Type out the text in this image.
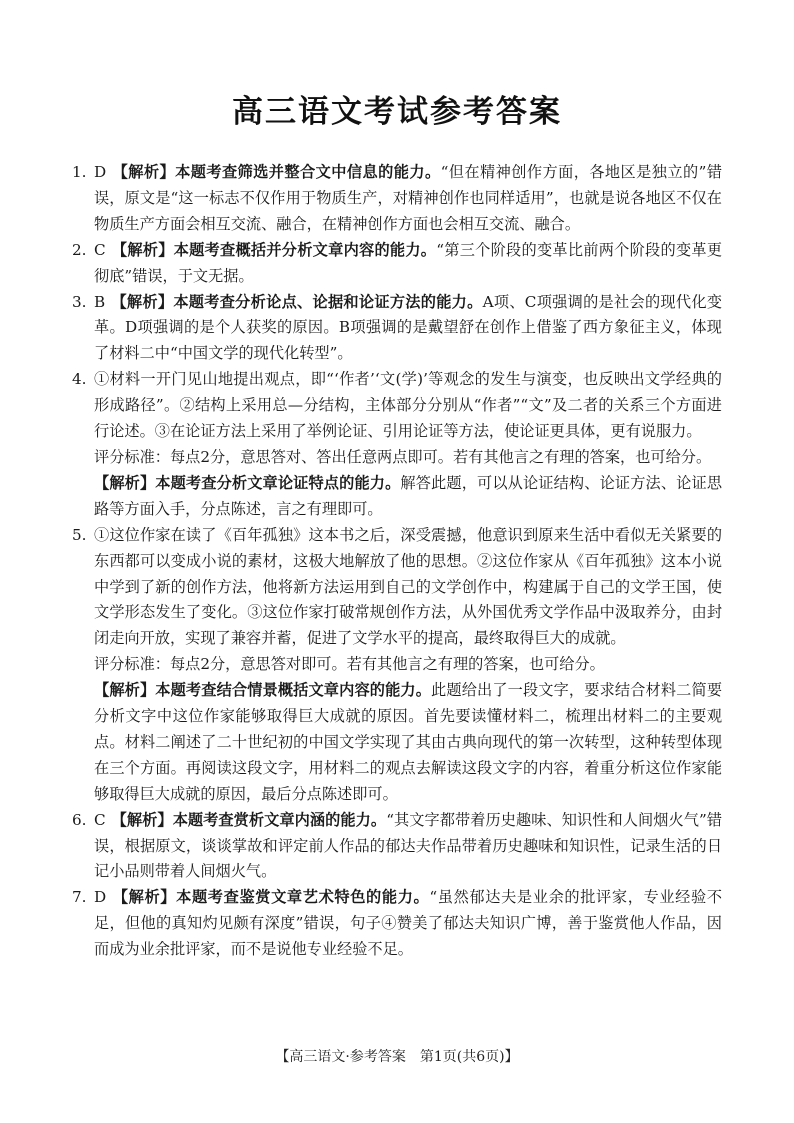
高三语文考试参考答案
1. D 【解析】本题考查筛选并整合文中信息的能力。“但在精神创作方面，各地区是独立的”错误，原文是“这一标志不仅作用于物质生产，对精神创作也同样适用”，也就是说各地区不仅在物质生产方面会相互交流、融合，在精神创作方面也会相互交流、融合。
2. C 【解析】本题考查概括并分析文章内容的能力。“第三个阶段的变革比前两个阶段的变革更彻底”错误，于文无据。
3. B 【解析】本题考查分析论点、论据和论证方法的能力。A项、C项强调的是社会的现代化变革。D项强调的是个人获奖的原因。B项强调的是戴望舒在创作上借鉴了西方象征主义，体现了材料二中“中国文学的现代化转型”。
4. ①材料一开门见山地提出观点，即“‘作者’‘文(学)’等观念的发生与演变，也反映出文学经典的形成路径”。②结构上采用总—分结构，主体部分分别从“作者”“文”及二者的关系三个方面进行论述。③在论证方法上采用了举例论证、引用论证等方法，使论证更具体，更有说服力。
评分标准：每点2分，意思答对、答出任意两点即可。若有其他言之有理的答案，也可给分。
【解析】本题考查分析文章论证特点的能力。解答此题，可以从论证结构、论证方法、论证思路等方面入手，分点陈述，言之有理即可。
5. ①这位作家在读了《百年孤独》这本书之后，深受震撼，他意识到原来生活中看似无关紧要的东西都可以变成小说的素材，这极大地解放了他的思想。②这位作家从《百年孤独》这本小说中学到了新的创作方法，他将新方法运用到自己的文学创作中，构建属于自己的文学王国，使文学形态发生了变化。③这位作家打破常规创作方法，从外国优秀文学作品中汲取养分，由封闭走向开放，实现了兼容并蓄，促进了文学水平的提高，最终取得巨大的成就。
评分标准：每点2分，意思答对即可。若有其他言之有理的答案，也可给分。
【解析】本题考查结合情景概括文章内容的能力。此题给出了一段文字，要求结合材料二简要分析文字中这位作家能够取得巨大成就的原因。首先要读懂材料二，梳理出材料二的主要观点。材料二阐述了二十世纪初的中国文学实现了其由古典向现代的第一次转型，这种转型体现在三个方面。再阅读这段文字，用材料二的观点去解读这段文字的内容，着重分析这位作家能够取得巨大成就的原因，最后分点陈述即可。
6. C 【解析】本题考查赏析文章内涵的能力。“其文字都带着历史趣味、知识性和人间烟火气”错误，根据原文，谈谈掌故和评定前人作品的郁达夫作品带着历史趣味和知识性，记录生活的日记小品则带着人间烟火气。
7. D 【解析】本题考查鉴赏文章艺术特色的能力。“虽然郁达夫是业余的批评家，专业经验不足，但他的真知灼见颇有深度”错误，句子④赞美了郁达夫知识广博，善于鉴赏他人作品，因而成为业余批评家，而不是说他专业经验不足。
【高三语文·参考答案　第1页(共6页)】
